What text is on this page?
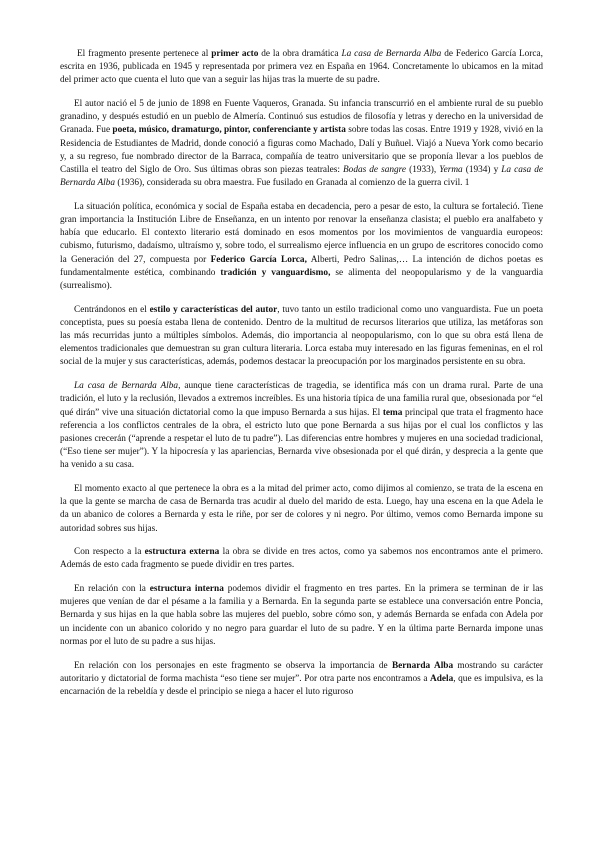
El fragmento presente pertenece al primer acto de la obra dramática La casa de Bernarda Alba de Federico García Lorca, escrita en 1936, publicada en 1945 y representada por primera vez en España en 1964. Concretamente lo ubicamos en la mitad del primer acto que cuenta el luto que van a seguir las hijas tras la muerte de su padre.

El autor nació el 5 de junio de 1898 en Fuente Vaqueros, Granada. Su infancia transcurrió en el ambiente rural de su pueblo granadino, y después estudió en un pueblo de Almería. Continuó sus estudios de filosofía y letras y derecho en la universidad de Granada. Fue poeta, músico, dramaturgo, pintor, conferenciante y artista sobre todas las cosas. Entre 1919 y 1928, vivió en la Residencia de Estudiantes de Madrid, donde conoció a figuras como Machado, Dalí y Buñuel. Viajó a Nueva York como becario y, a su regreso, fue nombrado director de la Barraca, compañía de teatro universitario que se proponía llevar a los pueblos de Castilla el teatro del Siglo de Oro. Sus últimas obras son piezas teatrales: Bodas de sangre (1933), Yerma (1934) y La casa de Bernarda Alba (1936), considerada su obra maestra. Fue fusilado en Granada al comienzo de la guerra civil. 1

La situación política, económica y social de España estaba en decadencia, pero a pesar de esto, la cultura se fortaleció. Tiene gran importancia la Institución Libre de Enseñanza, en un intento por renovar la enseñanza clasista; el pueblo era analfabeto y había que educarlo. El contexto literario está dominado en esos momentos por los movimientos de vanguardia europeos: cubismo, futurismo, dadaísmo, ultraísmo y, sobre todo, el surrealismo ejerce influencia en un grupo de escritores conocido como la Generación del 27, compuesta por Federico García Lorca, Alberti, Pedro Salinas,… La intención de dichos poetas es fundamentalmente estética, combinando tradición y vanguardismo, se alimenta del neopopularismo y de la vanguardia (surrealismo).

Centrándonos en el estilo y características del autor, tuvo tanto un estilo tradicional como uno vanguardista. Fue un poeta conceptista, pues su poesía estaba llena de contenido. Dentro de la multitud de recursos literarios que utiliza, las metáforas son las más recurridas junto a múltiples símbolos. Además, dio importancia al neopopularismo, con lo que su obra está llena de elementos tradicionales que demuestran su gran cultura literaria. Lorca estaba muy interesado en las figuras femeninas, en el rol social de la mujer y sus características, además, podemos destacar la preocupación por los marginados persistente en su obra.

La casa de Bernarda Alba, aunque tiene características de tragedia, se identifica más con un drama rural. Parte de una tradición, el luto y la reclusión, llevados a extremos increíbles. Es una historia típica de una familia rural que, obsesionada por “el qué dirán” vive una situación dictatorial como la que impuso Bernarda a sus hijas. El tema principal que trata el fragmento hace referencia a los conflictos centrales de la obra, el estricto luto que pone Bernarda a sus hijas por el cual los conflictos y las pasiones crecerán (“aprende a respetar el luto de tu padre”). Las diferencias entre hombres y mujeres en una sociedad tradicional, (“Eso tiene ser mujer”). Y la hipocresía y las apariencias, Bernarda vive obsesionada por el qué dirán, y desprecia a la gente que ha venido a su casa.

El momento exacto al que pertenece la obra es a la mitad del primer acto, como dijimos al comienzo, se trata de la escena en la que la gente se marcha de casa de Bernarda tras acudir al duelo del marido de esta. Luego, hay una escena en la que Adela le da un abanico de colores a Bernarda y esta le riñe, por ser de colores y ni negro. Por último, vemos como Bernarda impone su autoridad sobres sus hijas.

Con respecto a la estructura externa la obra se divide en tres actos, como ya sabemos nos encontramos ante el primero. Además de esto cada fragmento se puede dividir en tres partes.

En relación con la estructura interna podemos dividir el fragmento en tres partes. En la primera se terminan de ir las mujeres que venían de dar el pésame a la familia y a Bernarda. En la segunda parte se establece una conversación entre Poncia, Bernarda y sus hijas en la que habla sobre las mujeres del pueblo, sobre cómo son, y además Bernarda se enfada con Adela por un incidente con un abanico colorido y no negro para guardar el luto de su padre. Y en la última parte Bernarda impone unas normas por el luto de su padre a sus hijas.

En relación con los personajes en este fragmento se observa la importancia de Bernarda Alba mostrando su carácter autoritario y dictatorial de forma machista “eso tiene ser mujer”. Por otra parte nos encontramos a Adela, que es impulsiva, es la encarnación de la rebeldía y desde el principio se niega a hacer el luto riguroso
